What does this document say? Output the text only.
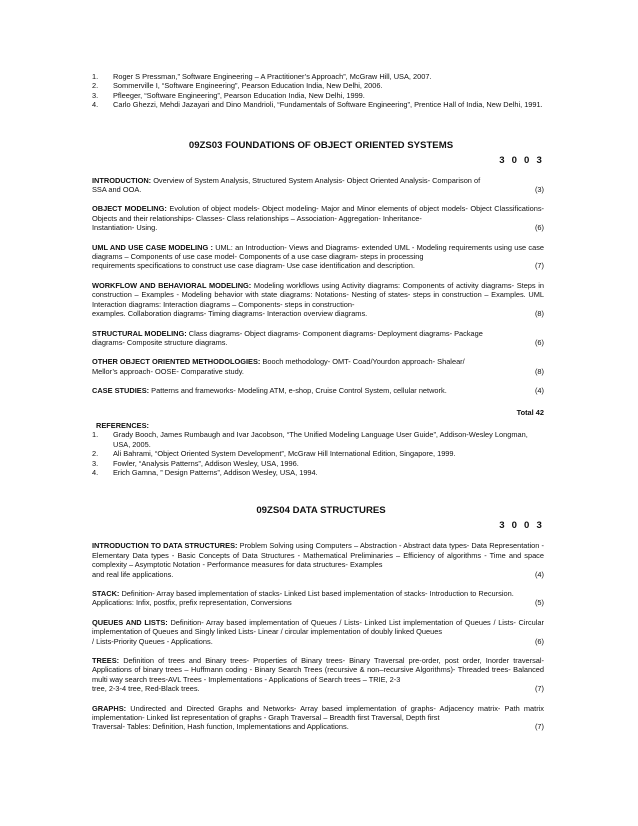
1. Roger S Pressman,” Software Engineering – A Practitioner’s Approach”, McGraw Hill, USA, 2007.
2. Sommerville I, “Software Engineering”, Pearson Education India, New Delhi, 2006.
3. Pfleeger, “Software Engineering”, Pearson Education India, New Delhi, 1999.
4. Carlo Ghezzi, Mehdi Jazayari and Dino Mandrioli, “Fundamentals of Software Engineering”, Prentice Hall of India, New Delhi, 1991.
09ZS03 FOUNDATIONS OF OBJECT ORIENTED SYSTEMS
3 0 0 3
INTRODUCTION: Overview of System Analysis, Structured System Analysis- Object Oriented Analysis- Comparison of
SSA and OOA.	(3)
OBJECT MODELING: Evolution of object models- Object modeling- Major and Minor elements of object models- Object Classifications- Objects and their relationships- Classes- Class relationships – Association- Aggregation- Inheritance-
Instantiation- Using.	(6)
UML AND USE CASE MODELING : UML: an Introduction- Views and Diagrams- extended UML - Modeling requirements using use case diagrams – Components of use case model- Components of a use case diagram- steps in processing
requirements specifications to construct use case diagram- Use case identification and description.	(7)
WORKFLOW AND BEHAVIORAL MODELING: Modeling workflows using Activity diagrams: Components of activity diagrams- Steps in construction – Examples - Modeling behavior with state diagrams: Notations- Nesting of states- steps in construction – Examples. UML Interaction diagrams: Interaction diagrams – Components- steps in construction-
examples. Collaboration diagrams- Timing diagrams- Interaction overview diagrams.	(8)
STRUCTURAL MODELING: Class diagrams- Object diagrams- Component diagrams- Deployment diagrams- Package
diagrams- Composite structure diagrams.	(6)
OTHER OBJECT ORIENTED METHODOLOGIES: Booch methodology- OMT- Coad/Yourdon approach- Shalear/
Mellor’s approach- OOSE- Comparative study.	(8)
CASE STUDIES: Patterns and frameworks- Modeling ATM, e-shop, Cruise Control System, cellular network.	(4)
Total 42
REFERENCES:
1. Grady Booch, James Rumbaugh and Ivar Jacobson, “The Unified Modeling Language User Guide”, Addison-Wesley Longman, USA, 2005.
2. Ali Bahrami, “Object Oriented System Development”, McGraw Hill International Edition, Singapore, 1999.
3. Fowler, “Analysis Patterns”, Addison Wesley, USA, 1996.
4. Erich Gamna, ” Design Patterns”, Addison Wesley, USA, 1994.
09ZS04 DATA STRUCTURES
3 0 0 3
INTRODUCTION TO DATA STRUCTURES: Problem Solving using Computers – Abstraction - Abstract data types- Data Representation - Elementary Data types - Basic Concepts of Data Structures - Mathematical Preliminaries – Efficiency of algorithms - Time and space complexity – Asymptotic Notation - Performance measures for data structures- Examples
and real life applications.	(4)
STACK: Definition- Array based implementation of stacks- Linked List based implementation of stacks- Introduction to Recursion.
Applications: Infix, postfix, prefix representation, Conversions	(5)
QUEUES AND LISTS: Definition- Array based implementation of Queues / Lists- Linked List implementation of Queues / Lists- Circular implementation of Queues and Singly linked Lists- Linear / circular implementation of doubly linked Queues
/ Lists-Priority Queues - Applications.	(6)
TREES: Definition of trees and Binary trees- Properties of Binary trees- Binary Traversal pre-order, post order, Inorder traversal- Applications of binary trees – Huffmann coding - Binary Search Trees (recursive & non–recursive Algorithms)- Threaded trees- Balanced multi way search trees-AVL Trees - Implementations - Applications of Search trees – TRIE, 2-3
tree, 2-3-4 tree, Red-Black trees.	(7)
GRAPHS: Undirected and Directed Graphs and Networks- Array based implementation of graphs- Adjacency matrix- Path matrix implementation- Linked list representation of graphs - Graph Traversal – Breadth first Traversal, Depth first
Traversal- Tables: Definition, Hash function, Implementations and Applications.	(7)
